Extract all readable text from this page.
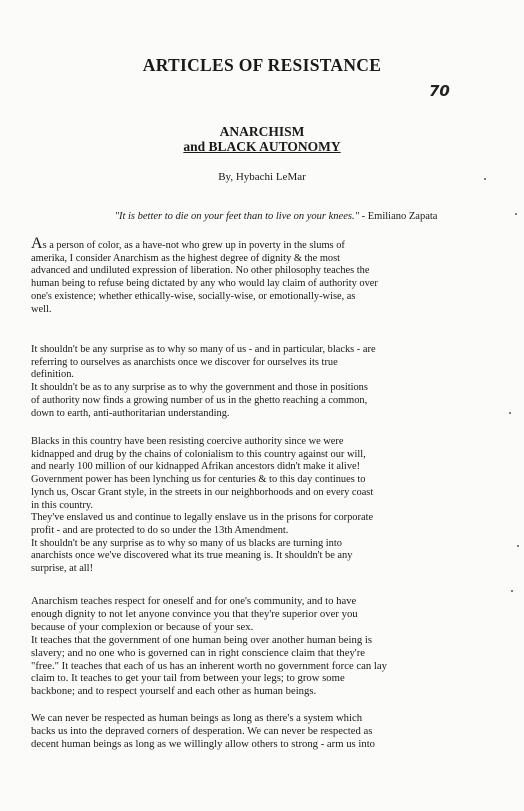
ARTICLES OF RESISTANCE
70
ANARCHISM
and BLACK AUTONOMY
By, Hybachi LeMar
"It is better to die on your feet than to live on your knees." - Emiliano Zapata

As a person of color, as a have-not who grew up in poverty in the slums of

amerika, I consider Anarchism as the highest degree of dignity & the most

advanced and undiluted expression of liberation. No other philosophy teaches the

human being to refuse being dictated by any who would lay claim of authority over

one's existence; whether ethically-wise, socially-wise, or emotionally-wise, as

well.

It shouldn't be any surprise as to why so many of us - and in particular, blacks - are

referring to ourselves as anarchists once we discover for ourselves its true

definition.

It shouldn't be as to any surprise as to why the government and those in positions

of authority now finds a growing number of us in the ghetto reaching a common,

down to earth, anti-authoritarian understanding.

Blacks in this country have been resisting coercive authority since we were

kidnapped and drug by the chains of colonialism to this country against our will,

and nearly 100 million of our kidnapped Afrikan ancestors didn't make it alive!

Government power has been lynching us for centuries & to this day continues to

lynch us, Oscar Grant style, in the streets in our neighborhoods and on every coast

in this country.

They've enslaved us and continue to legally enslave us in the prisons for corporate

profit - and are protected to do so under the 13th Amendment.

It shouldn't be any surprise as to why so many of us blacks are turning into

anarchists once we've discovered what its true meaning is. It shouldn't be any

surprise, at all!

Anarchism teaches respect for oneself and for one's community, and to have

enough dignity to not let anyone convince you that they're superior over you

because of your complexion or because of your sex.

It teaches that the government of one human being over another human being is

slavery; and no one who is governed can in right conscience claim that they're

"free." It teaches that each of us has an inherent worth no government force can lay

claim to. It teaches to get your tail from between your legs; to grow some

backbone; and to respect yourself and each other as human beings.

We can never be respected as human beings as long as there's a system which

backs us into the depraved corners of desperation. We can never be respected as

decent human beings as long as we willingly allow others to strong - arm us into
